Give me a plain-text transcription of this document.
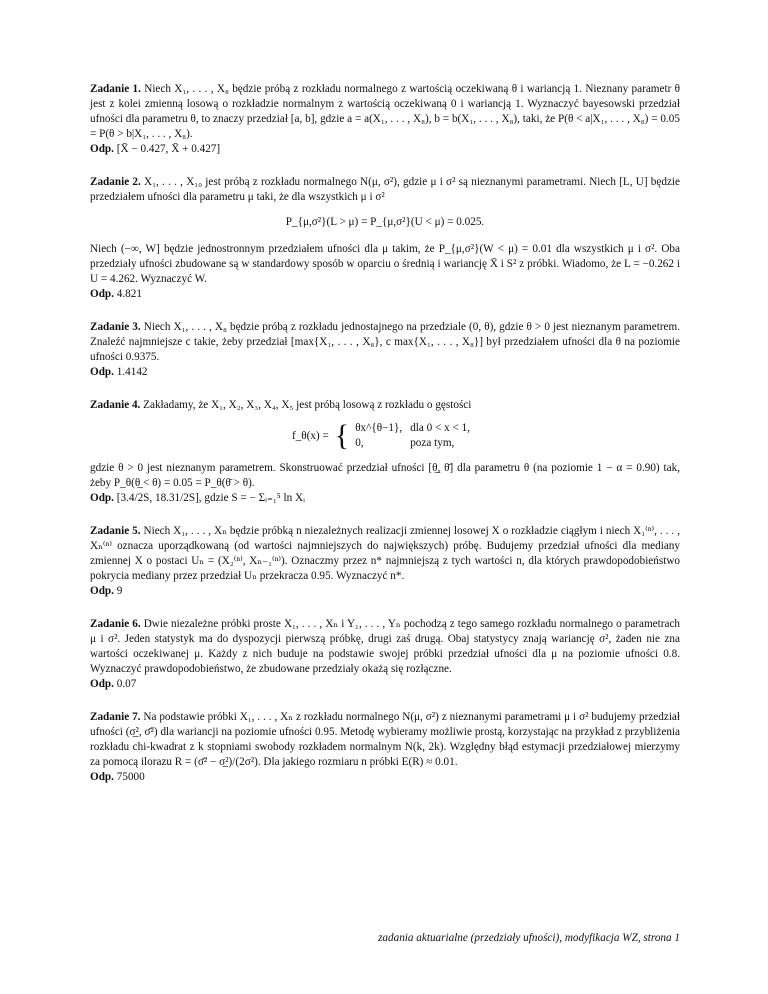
Zadanie 1. Niech X₁, . . . , X₈ będzie próbą z rozkładu normalnego z wartością oczekiwaną θ i wariancją 1. Nieznany parametr θ jest z kolei zmienną losową o rozkładzie normalnym z wartością oczekiwaną 0 i wariancją 1. Wyznaczyć bayesowski przedział ufności dla parametru θ, to znaczy przedział [a, b], gdzie a = a(X₁, . . . , X₈), b = b(X₁, . . . , X₈), taki, że P(θ < a|X₁, . . . , X₈) = 0.05 = P(θ > b|X₁, . . . , X₈).

Odp. [X̄ − 0.427, X̄ + 0.427]

Zadanie 2. X₁, . . . , X₁₀ jest próbą z rozkładu normalnego N(μ, σ²), gdzie μ i σ² są nieznanymi parametrami. Niech [L, U] będzie przedziałem ufności dla parametru μ taki, że dla wszystkich μ i σ²

P_{μ,σ²}(L > μ) = P_{μ,σ²}(U < μ) = 0.025.

Niech (−∞, W] będzie jednostronnym przedziałem ufności dla μ takim, że P_{μ,σ²}(W < μ) = 0.01 dla wszystkich μ i σ². Oba przedziały ufności zbudowane są w standardowy sposób w oparciu o średnią i wariancję X̄ i S² z próbki. Wiadomo, że L = −0.262 i U = 4.262. Wyznaczyć W.

Odp. 4.821

Zadanie 3. Niech X₁, . . . , X₈ będzie próbą z rozkładu jednostajnego na przedziale (0, θ), gdzie θ > 0 jest nieznanym parametrem. Znaleźć najmniejsze c takie, żeby przedział [max{X₁, . . . , X₈}, c max{X₁, . . . , X₈}] był przedziałem ufności dla θ na poziomie ufności 0.9375.

Odp. 1.4142

Zadanie 4. Zakładamy, że X₁, X₂, X₃, X₄, X₅ jest próbą losową z rozkładu o gęstości

f_θ(x) = { θx^{θ−1},	dla 0 < x < 1,
0,	poza tym,

gdzie θ > 0 jest nieznanym parametrem. Skonstruować przedział ufności [θ̲, θ̄] dla parametru θ (na poziomie 1 − α = 0.90) tak, żeby P_θ(θ̲ < θ) = 0.05 = P_θ(θ̄ > θ).

Odp. [3.4/2S, 18.31/2S], gdzie S = − Σᵢ₌₁⁵ ln Xᵢ

Zadanie 5. Niech X₁, . . . , Xₙ będzie próbką n niezależnych realizacji zmiennej losowej X o rozkładzie ciągłym i niech X₁⁽ⁿ⁾, . . . , Xₙ⁽ⁿ⁾ oznacza uporządkowaną (od wartości najmniejszych do największych) próbę. Budujemy przedział ufności dla mediany zmiennej X o postaci Uₙ = (X₂⁽ⁿ⁾, Xₙ₋₁⁽ⁿ⁾). Oznaczmy przez n* najmniejszą z tych wartości n, dla których prawdopodobieństwo pokrycia mediany przez przedział Uₙ przekracza 0.95. Wyznaczyć n*.

Odp. 9

Zadanie 6. Dwie niezależne próbki proste X₁, . . . , Xₙ i Y₁, . . . , Yₙ pochodzą z tego samego rozkładu normalnego o parametrach μ i σ². Jeden statystyk ma do dyspozycji pierwszą próbkę, drugi zaś drugą. Obaj statystycy znają wariancję σ², żaden nie zna wartości oczekiwanej μ. Każdy z nich buduje na podstawie swojej próbki przedział ufności dla μ na poziomie ufności 0.8. Wyznaczyć prawdopodobieństwo, że zbudowane przedziały okażą się rozłączne.

Odp. 0.07

Zadanie 7. Na podstawie próbki X₁, . . . , Xₙ z rozkładu normalnego N(μ, σ²) z nieznanymi parametrami μ i σ² budujemy przedział ufności (σ̲², σ̄²) dla wariancji na poziomie ufności 0.95. Metodę wybieramy możliwie prostą, korzystając na przykład z przybliżenia rozkładu chi-kwadrat z k stopniami swobody rozkładem normalnym N(k, 2k). Względny błąd estymacji przedziałowej mierzymy za pomocą ilorazu R = (σ̄² − σ̲²)/(2σ²). Dla jakiego rozmiaru n próbki E(R) ≈ 0.01.

Odp. 75000

zadania aktuarialne (przedziały ufności), modyfikacja WZ, strona 1
